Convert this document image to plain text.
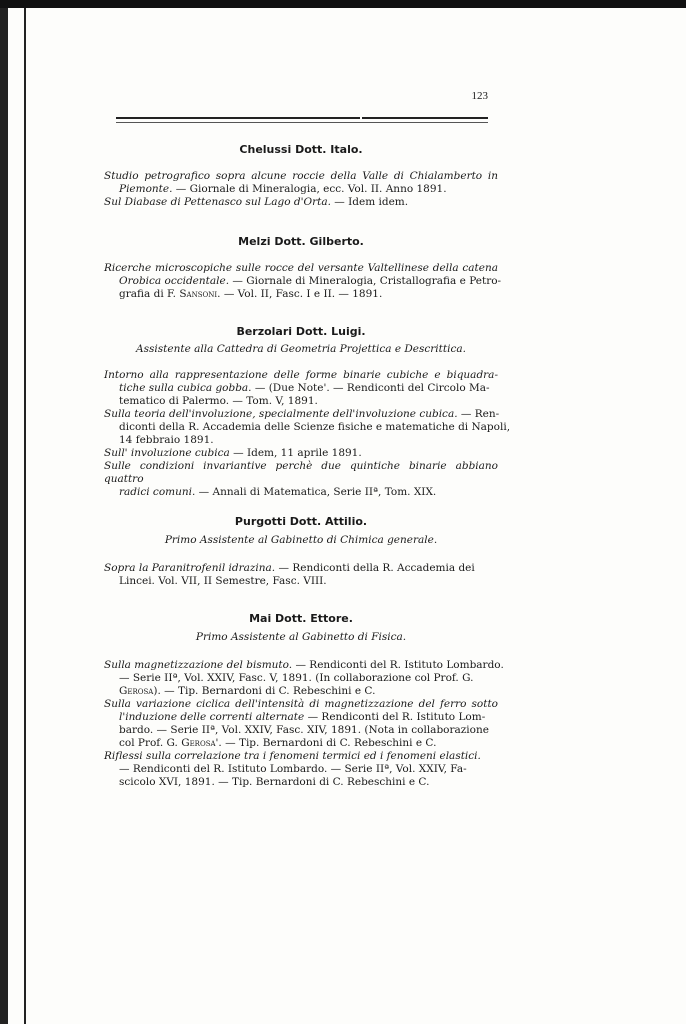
123
Chelussi Dott. Italo.
Studio petrografico sopra alcune roccie della Valle di Chialamberto in
Piemonte. — Giornale di Mineralogia, ecc. Vol. II. Anno 1891.
Sul Diabase di Pettenasco sul Lago d'Orta. — Idem idem.
Melzi Dott. Gilberto.
Ricerche microscopiche sulle rocce del versante Valtellinese della catena
Orobica occidentale. — Giornale di Mineralogia, Cristallografia e Petro-
grafia di F. Sansoni. — Vol. II, Fasc. I e II. — 1891.
Berzolari Dott. Luigi.
Assistente alla Cattedra di Geometria Projettica e Descrittica.
Intorno alla rappresentazione delle forme binarie cubiche e biquadra-
tiche sulla cubica gobba. — (Due Note'. — Rendiconti del Circolo Ma-
tematico di Palermo. — Tom. V, 1891.
Sulla teoria dell'involuzione, specialmente dell'involuzione cubica. — Ren-
diconti della R. Accademia delle Scienze fisiche e matematiche di Napoli,
14 febbraio 1891.
Sull' involuzione cubica — Idem, 11 aprile 1891.
Sulle condizioni invariantive perchè due quintiche binarie abbiano quattro
radici comuni. — Annali di Matematica, Serie IIª, Tom. XIX.
Purgotti Dott. Attilio.
Primo Assistente al Gabinetto di Chimica generale.
Sopra la Paranitrofenil idrazina. — Rendiconti della R. Accademia dei
Lincei. Vol. VII, II Semestre, Fasc. VIII.
Mai Dott. Ettore.
Primo Assistente al Gabinetto di Fisica.
Sulla magnetizzazione del bismuto. — Rendiconti del R. Istituto Lombardo.
— Serie IIª, Vol. XXIV, Fasc. V, 1891. (In collaborazione col Prof. G.
Gerosa). — Tip. Bernardoni di C. Rebeschini e C.
Sulla variazione ciclica dell'intensità di magnetizzazione del ferro sotto
l'induzione delle correnti alternate — Rendiconti del R. Istituto Lom-
bardo. — Serie IIª, Vol. XXIV, Fasc. XIV, 1891. (Nota in collaborazione
col Prof. G. Gerosa'. — Tip. Bernardoni di C. Rebeschini e C.
Riflessi sulla correlazione tra i fenomeni termici ed i fenomeni elastici.
— Rendiconti del R. Istituto Lombardo. — Serie IIª, Vol. XXIV, Fa-
scicolo XVI, 1891. — Tip. Bernardoni di C. Rebeschini e C.
